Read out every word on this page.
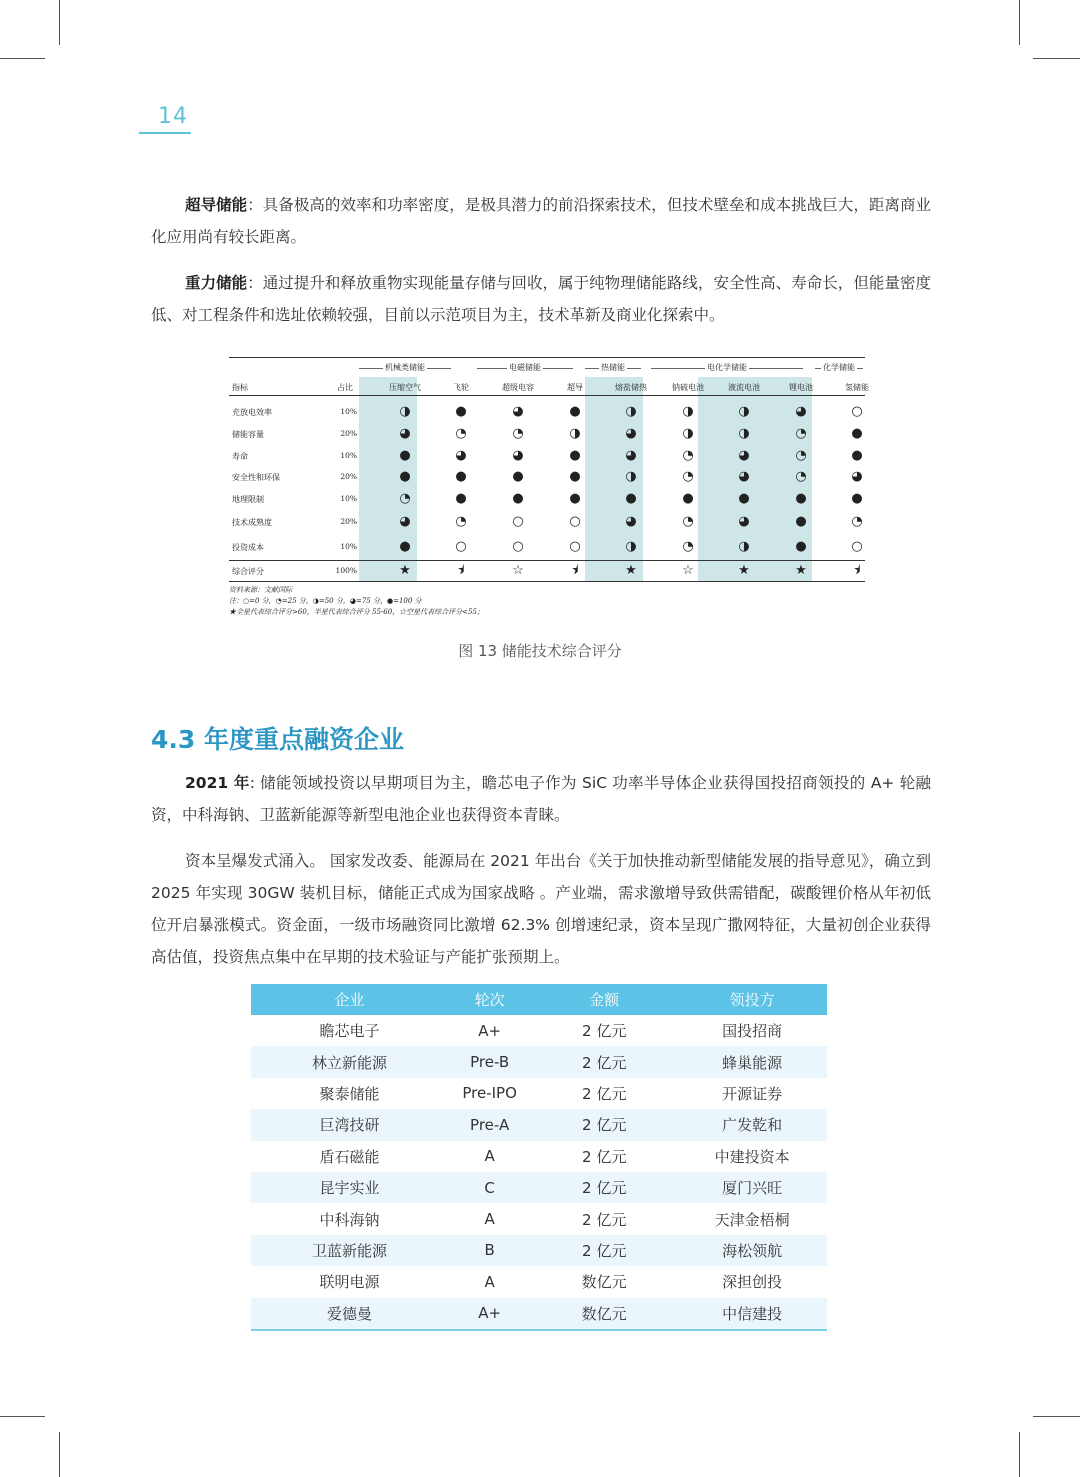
14
超导储能：具备极高的效率和功率密度，是极具潜力的前沿探索技术，但技术壁垒和成本挑战巨大，距离商业化应用尚有较长距离。
重力储能：通过提升和释放重物实现能量存储与回收，属于纯物理储能路线，安全性高、寿命长，但能量密度低、对工程条件和选址依赖较强，目前以示范项目为主，技术革新及商业化探索中。
机械类储能	电磁储能	热储能	电化学储能	化学储能
指标	占比	压缩空气	飞轮	超级电容	超导	熔盐储热	钠硫电池	液流电池	锂电池	氢储能
充放电效率	10%	◑	●	◕	●	◑	◑	◑	◕	○
储能容量	20%	◕	◔	◔	◑	◕	◑	◑	◔	●
寿命	10%	●	◕	◕	●	◕	◔	◕	◔	●
安全性和环保	20%	●	●	●	●	◑	◔	◕	◔	◕
地理限制	10%	◔	●	●	●	●	●	●	●	●
技术成熟度	20%	◕	◔	○	○	◕	◔	◕	●	◔
投资成本	10%	●	○	○	○	◑	◔	◑	●	○
综合评分	100%	★	⯨	☆	⯨	★	☆	★	★	⯨
资料来源：文献国际
注：○=0 分，◔=25 分，◑=50 分，◕=75 分，●=100 分
★全星代表综合评分>60，半星代表综合评分 55-60，☆空星代表综合评分<55；
图 13 储能技术综合评分
4.3 年度重点融资企业
2021 年: 储能领域投资以早期项目为主，瞻芯电子作为 SiC 功率半导体企业获得国投招商领投的 A+ 轮融资，中科海钠、卫蓝新能源等新型电池企业也获得资本青睐。
资本呈爆发式涌入。 国家发改委、能源局在 2021 年出台《关于加快推动新型储能发展的指导意见》，确立到 2025 年实现 30GW 装机目标，储能正式成为国家战略 。产业端，需求激增导致供需错配，碳酸锂价格从年初低位开启暴涨模式。资金面，一级市场融资同比激增 62.3% 创增速纪录，资本呈现广撒网特征，大量初创企业获得高估值，投资焦点集中在早期的技术验证与产能扩张预期上。
企业	轮次	金额	领投方
瞻芯电子	A+	2 亿元	国投招商
林立新能源	Pre-B	2 亿元	蜂巢能源
聚泰储能	Pre-IPO	2 亿元	开源证券
巨湾技研	Pre-A	2 亿元	广发乾和
盾石磁能	A	2 亿元	中建投资本
昆宇实业	C	2 亿元	厦门兴旺
中科海钠	A	2 亿元	天津金梧桐
卫蓝新能源	B	2 亿元	海松领航
联明电源	A	数亿元	深担创投
爱德曼	A+	数亿元	中信建投
